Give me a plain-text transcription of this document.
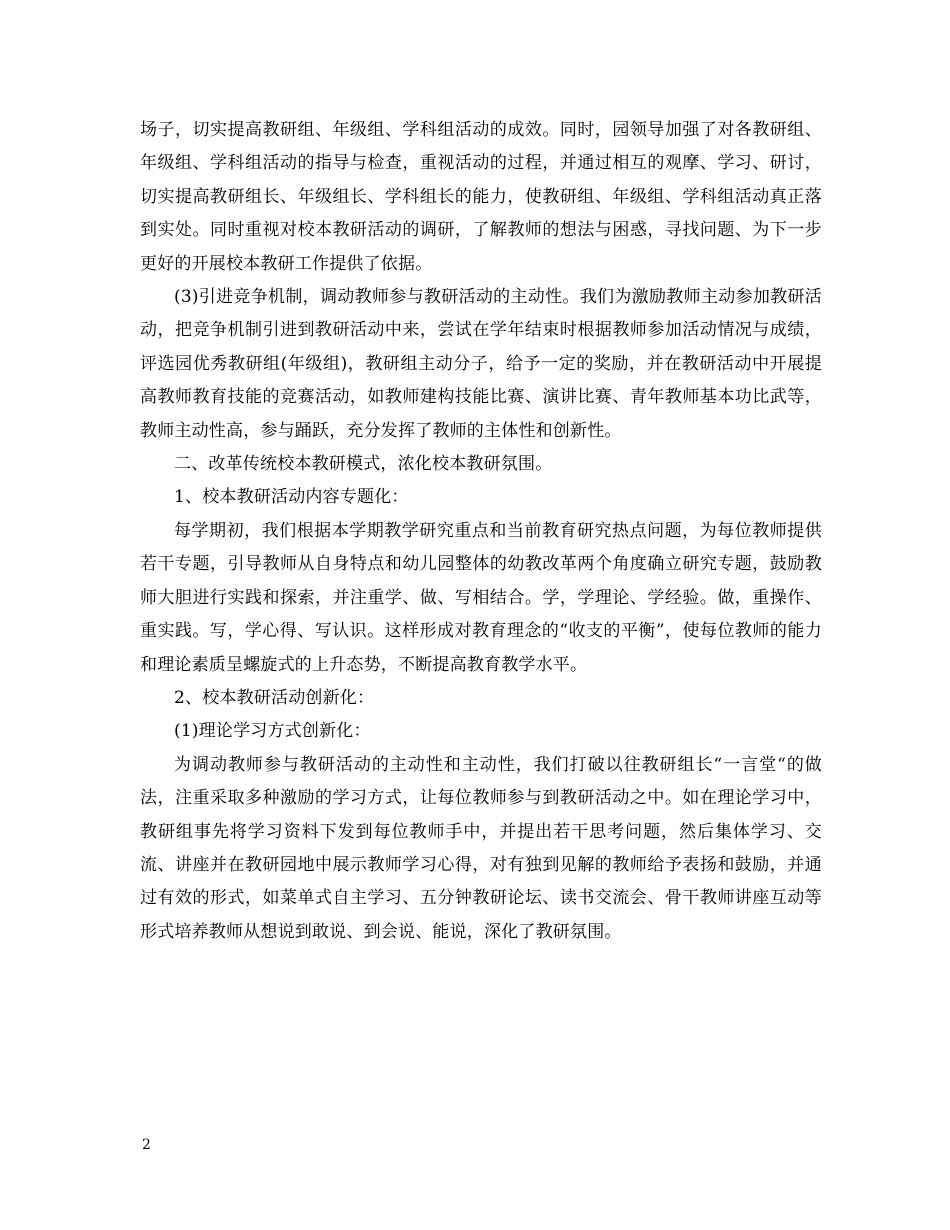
场子，切实提高教研组、年级组、学科组活动的成效。同时，园领导加强了对各教研组、年级组、学科组活动的指导与检查，重视活动的过程，并通过相互的观摩、学习、研讨，切实提高教研组长、年级组长、学科组长的能力，使教研组、年级组、学科组活动真正落到实处。同时重视对校本教研活动的调研，了解教师的想法与困惑，寻找问题、为下一步更好的开展校本教研工作提供了依据。

(3)引进竞争机制，调动教师参与教研活动的主动性。我们为激励教师主动参加教研活动，把竞争机制引进到教研活动中来，尝试在学年结束时根据教师参加活动情况与成绩，评选园优秀教研组(年级组)，教研组主动分子，给予一定的奖励，并在教研活动中开展提高教师教育技能的竞赛活动，如教师建构技能比赛、演讲比赛、青年教师基本功比武等，教师主动性高，参与踊跃，充分发挥了教师的主体性和创新性。

二、改革传统校本教研模式，浓化校本教研氛围。

1、校本教研活动内容专题化：

每学期初，我们根据本学期教学研究重点和当前教育研究热点问题，为每位教师提供若干专题，引导教师从自身特点和幼儿园整体的幼教改革两个角度确立研究专题，鼓励教师大胆进行实践和探索，并注重学、做、写相结合。学，学理论、学经验。做，重操作、重实践。写，学心得、写认识。这样形成对教育理念的“收支的平衡”，使每位教师的能力和理论素质呈螺旋式的上升态势，不断提高教育教学水平。

2、校本教研活动创新化：

(1)理论学习方式创新化：

为调动教师参与教研活动的主动性和主动性，我们打破以往教研组长“一言堂“的做法，注重采取多种激励的学习方式，让每位教师参与到教研活动之中。如在理论学习中，教研组事先将学习资料下发到每位教师手中，并提出若干思考问题，然后集体学习、交流、讲座并在教研园地中展示教师学习心得，对有独到见解的教师给予表扬和鼓励，并通过有效的形式，如菜单式自主学习、五分钟教研论坛、读书交流会、骨干教师讲座互动等形式培养教师从想说到敢说、到会说、能说，深化了教研氛围。

2
